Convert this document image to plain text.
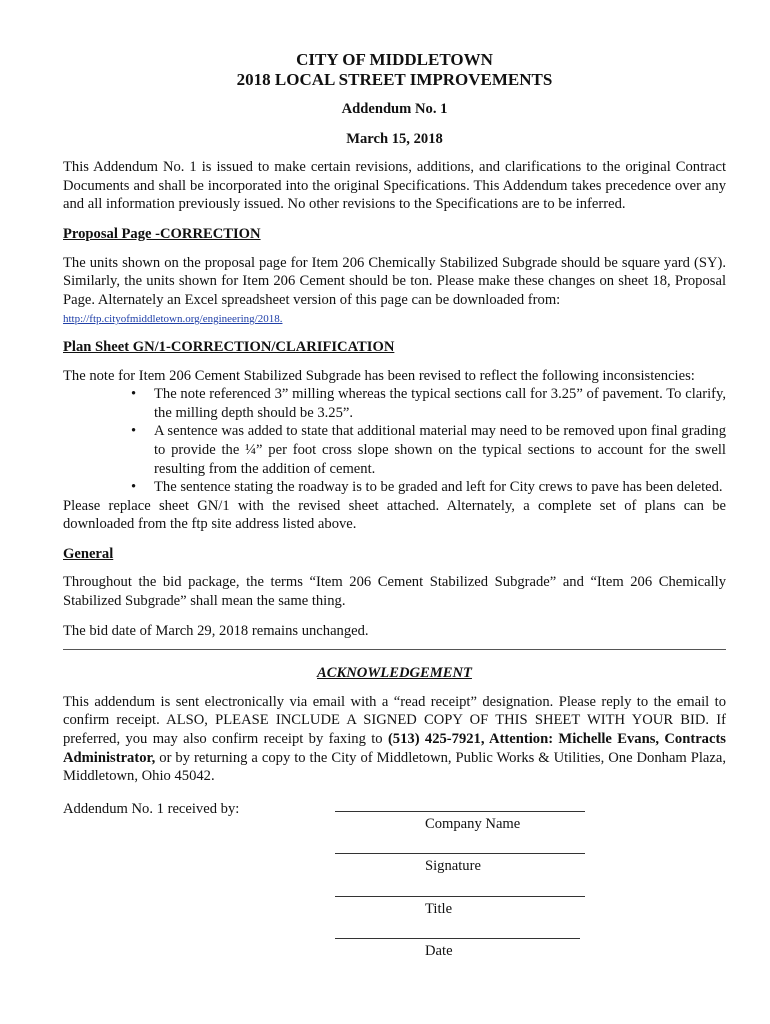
CITY OF MIDDLETOWN
2018 LOCAL STREET IMPROVEMENTS
Addendum No. 1
March 15, 2018

This Addendum No. 1 is issued to make certain revisions, additions, and clarifications to the original Contract Documents and shall be incorporated into the original Specifications. This Addendum takes precedence over any and all information previously issued. No other revisions to the Specifications are to be inferred.

Proposal Page -CORRECTION

The units shown on the proposal page for Item 206 Chemically Stabilized Subgrade should be square yard (SY). Similarly, the units shown for Item 206 Cement should be ton. Please make these changes on sheet 18, Proposal Page. Alternately an Excel spreadsheet version of this page can be downloaded from:
http://ftp.cityofmiddletown.org/engineering/2018.

Plan Sheet GN/1-CORRECTION/CLARIFICATION

The note for Item 206 Cement Stabilized Subgrade has been revised to reflect the following inconsistencies:

• The note referenced 3” milling whereas the typical sections call for 3.25” of pavement. To clarify, the milling depth should be 3.25”.
• A sentence was added to state that additional material may need to be removed upon final grading to provide the ¼” per foot cross slope shown on the typical sections to account for the swell resulting from the addition of cement.
• The sentence stating the roadway is to be graded and left for City crews to pave has been deleted.

Please replace sheet GN/1 with the revised sheet attached. Alternately, a complete set of plans can be downloaded from the ftp site address listed above.

General

Throughout the bid package, the terms “Item 206 Cement Stabilized Subgrade” and “Item 206 Chemically Stabilized Subgrade” shall mean the same thing.

The bid date of March 29, 2018 remains unchanged.

ACKNOWLEDGEMENT

This addendum is sent electronically via email with a “read receipt” designation. Please reply to the email to confirm receipt. ALSO, PLEASE INCLUDE A SIGNED COPY OF THIS SHEET WITH YOUR BID. If preferred, you may also confirm receipt by faxing to (513) 425-7921, Attention: Michelle Evans, Contracts Administrator, or by returning a copy to the City of Middletown, Public Works & Utilities, One Donham Plaza, Middletown, Ohio 45042.

Addendum No. 1 received by:
Company Name
Signature
Title
Date
